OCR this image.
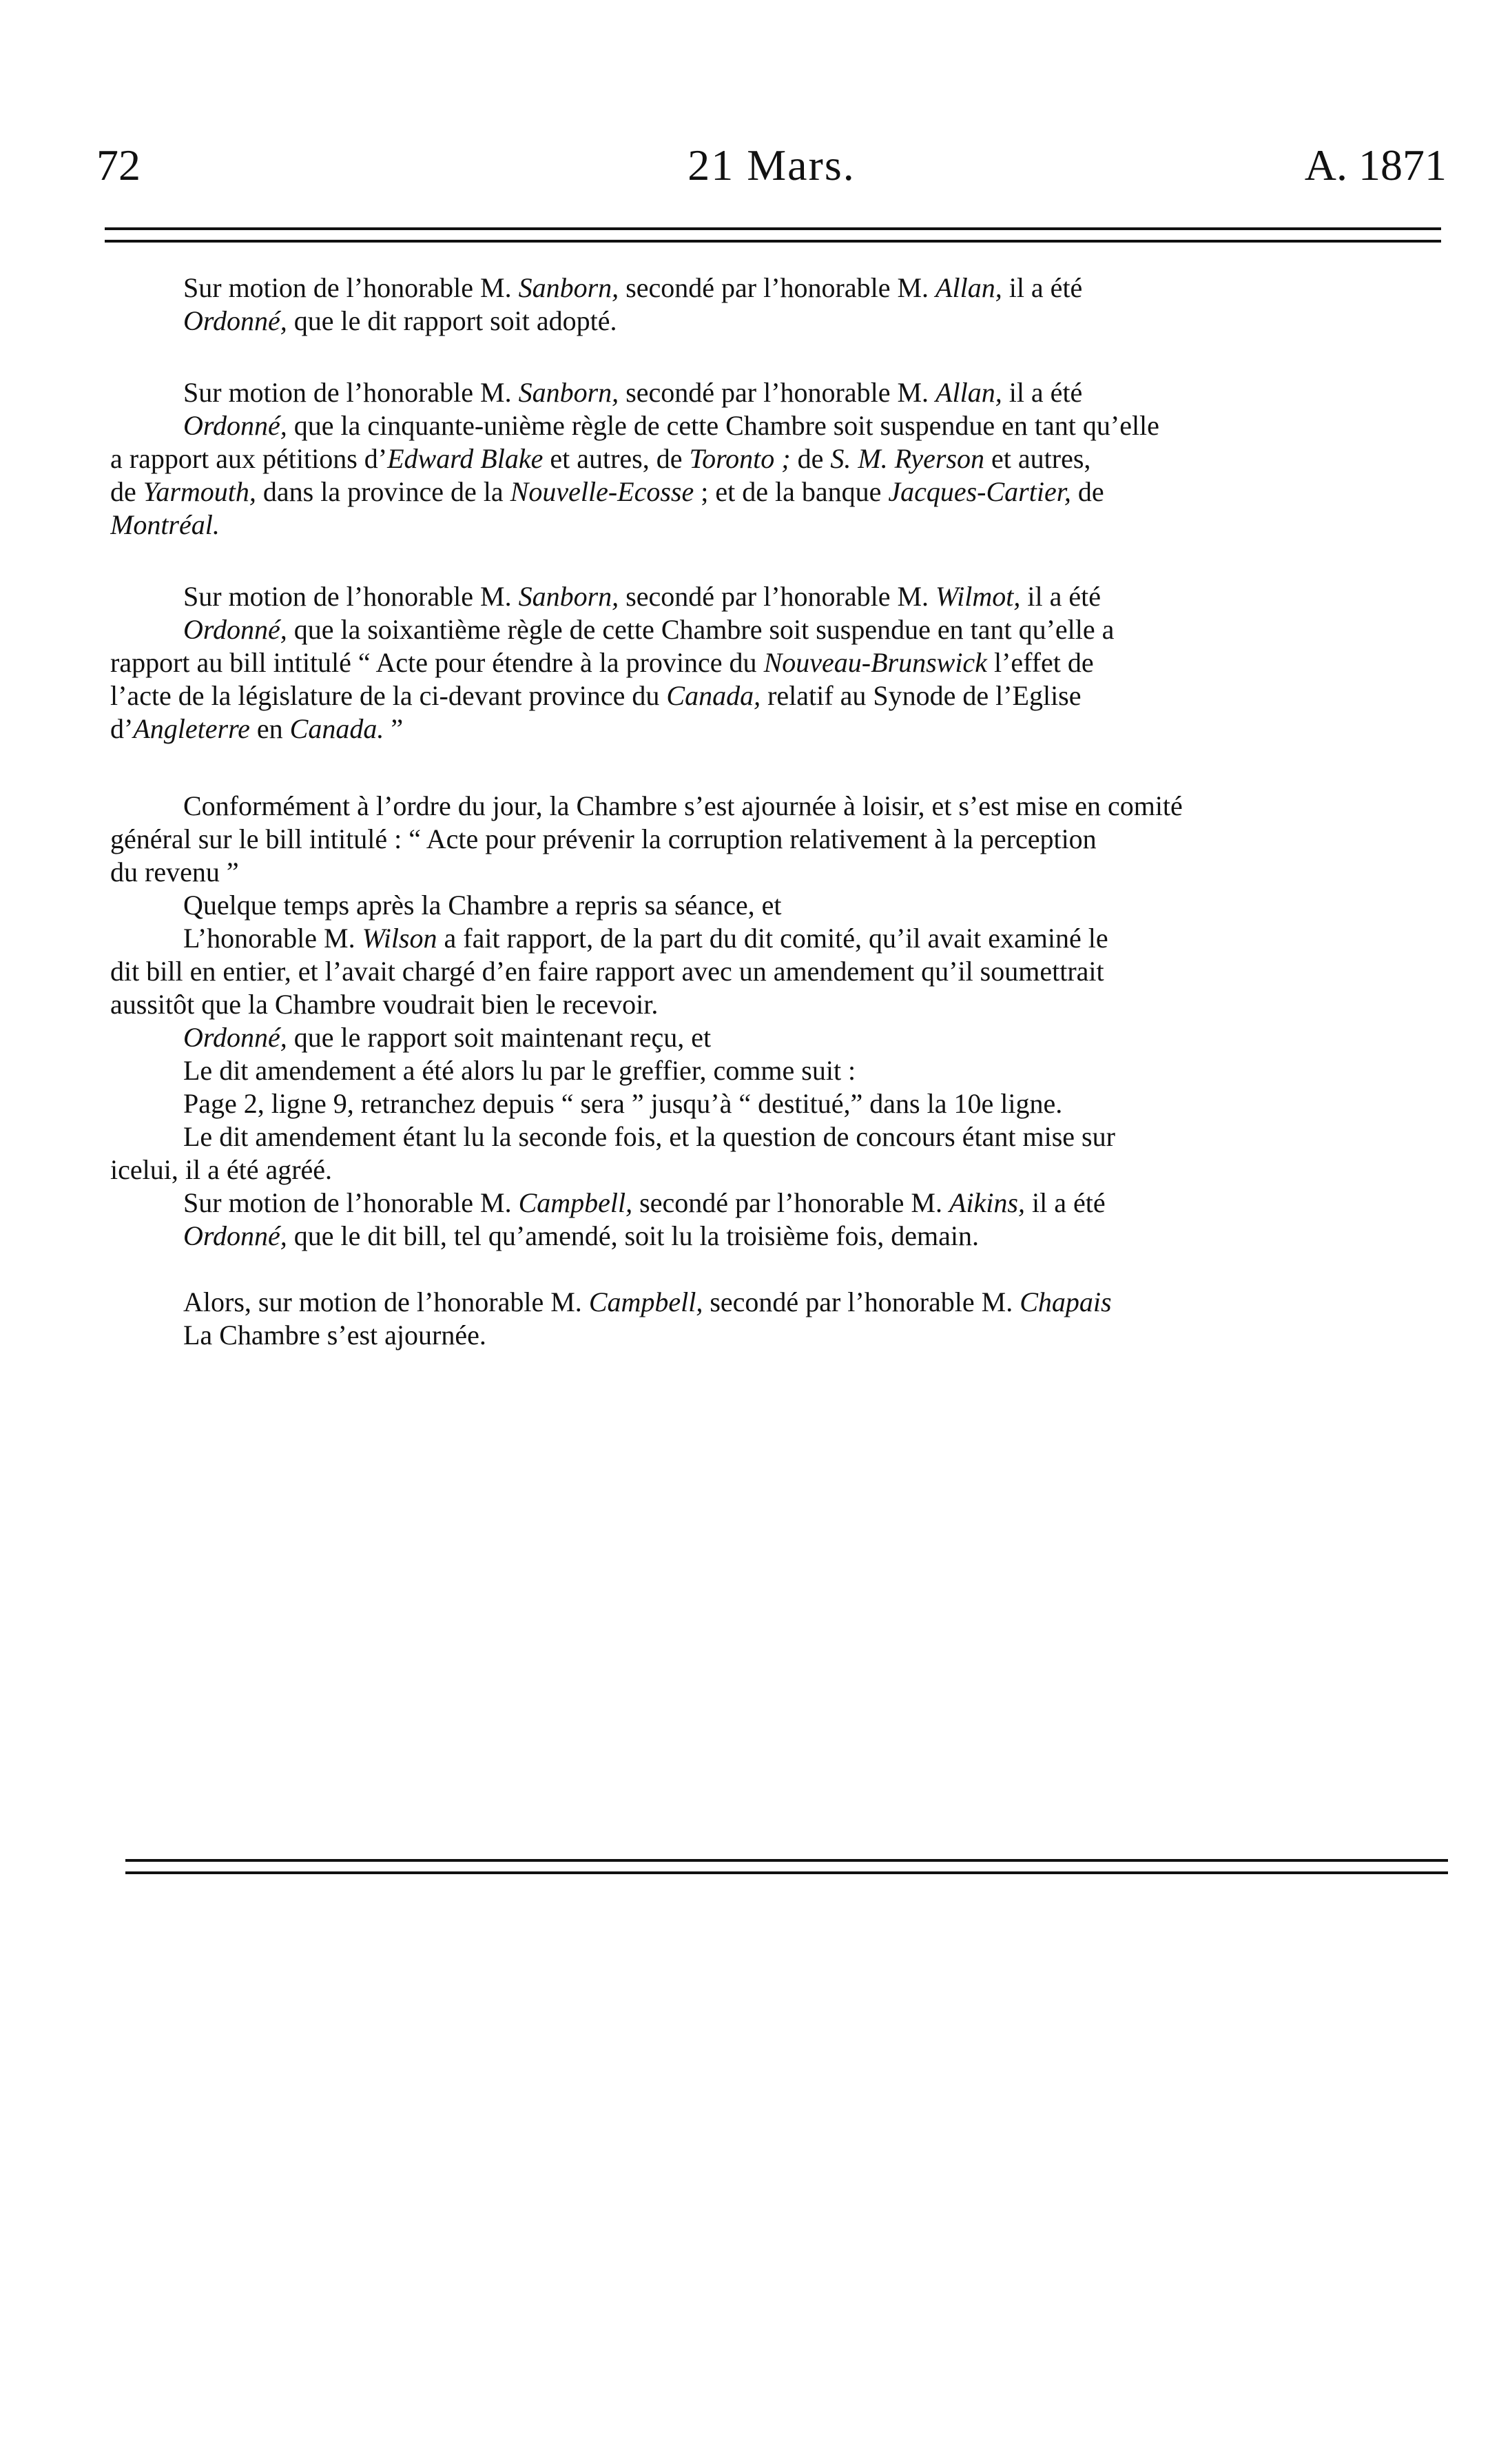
72	21 Mars.	A. 1871
Sur motion de l’honorable M. Sanborn, secondé par l’honorable M. Allan, il a été
Ordonné, que le dit rapport soit adopté.
Sur motion de l’honorable M. Sanborn, secondé par l’honorable M. Allan, il a été
Ordonné, que la cinquante-unième règle de cette Chambre soit suspendue en tant qu’elle
a rapport aux pétitions d’Edward Blake et autres, de Toronto ; de S. M. Ryerson et autres,
de Yarmouth, dans la province de la Nouvelle-Ecosse ; et de la banque Jacques-Cartier, de
Montréal.
Sur motion de l’honorable M. Sanborn, secondé par l’honorable M. Wilmot, il a été
Ordonné, que la soixantième règle de cette Chambre soit suspendue en tant qu’elle a
rapport au bill intitulé “ Acte pour étendre à la province du Nouveau-Brunswick l’effet de
l’acte de la législature de la ci-devant province du Canada, relatif au Synode de l’Eglise
d’Angleterre en Canada. ”
Conformément à l’ordre du jour, la Chambre s’est ajournée à loisir, et s’est mise en comité
général sur le bill intitulé : “ Acte pour prévenir la corruption relativement à la perception
du revenu ”
Quelque temps après la Chambre a repris sa séance, et
L’honorable M. Wilson a fait rapport, de la part du dit comité, qu’il avait examiné le
dit bill en entier, et l’avait chargé d’en faire rapport avec un amendement qu’il soumettrait
aussitôt que la Chambre voudrait bien le recevoir.
Ordonné, que le rapport soit maintenant reçu, et
Le dit amendement a été alors lu par le greffier, comme suit :
Page 2, ligne 9, retranchez depuis “ sera ” jusqu’à “ destitué,” dans la 10e ligne.
Le dit amendement étant lu la seconde fois, et la question de concours étant mise sur
icelui, il a été agréé.
Sur motion de l’honorable M. Campbell, secondé par l’honorable M. Aikins, il a été
Ordonné, que le dit bill, tel qu’amendé, soit lu la troisième fois, demain.
Alors, sur motion de l’honorable M. Campbell, secondé par l’honorable M. Chapais
La Chambre s’est ajournée.
